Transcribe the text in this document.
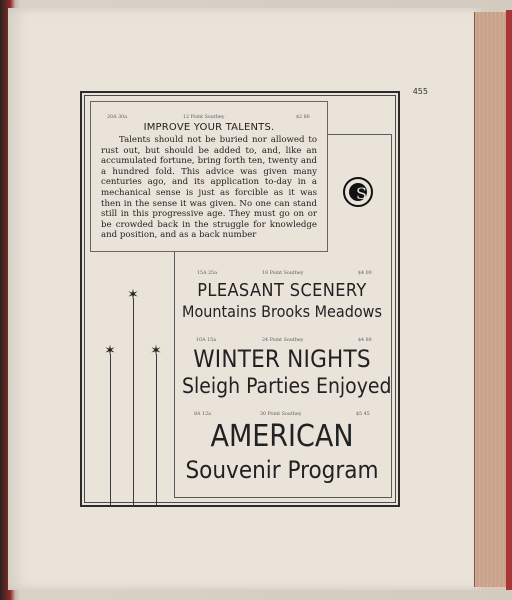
455
20A 30a	12 Point Southey	$2 80
IMPROVE YOUR TALENTS.
Talents should not be buried nor allowed to rust out, but should be added to, and, like an accumulated fortune, bring forth ten, twenty and a hundred fold. This advice was given many centuries ago, and its application to-day in a mechanical sense is just as forcible as it was then in the sense it was given. No one can stand still in this progressive age. They must go on or be crowded back in the struggle for knowledge and position, and as a back number
S
15A 25a	18 Point Southey	$4 00
PLEASANT SCENERY
Mountains Brooks Meadows
10A 15a	24 Point Southey	$4 80
WINTER NIGHTS
Sleigh Parties Enjoyed
8A 12a	30 Point Southey	$5 45
AMERICAN
Souvenir Program
✶
✶ ✶
